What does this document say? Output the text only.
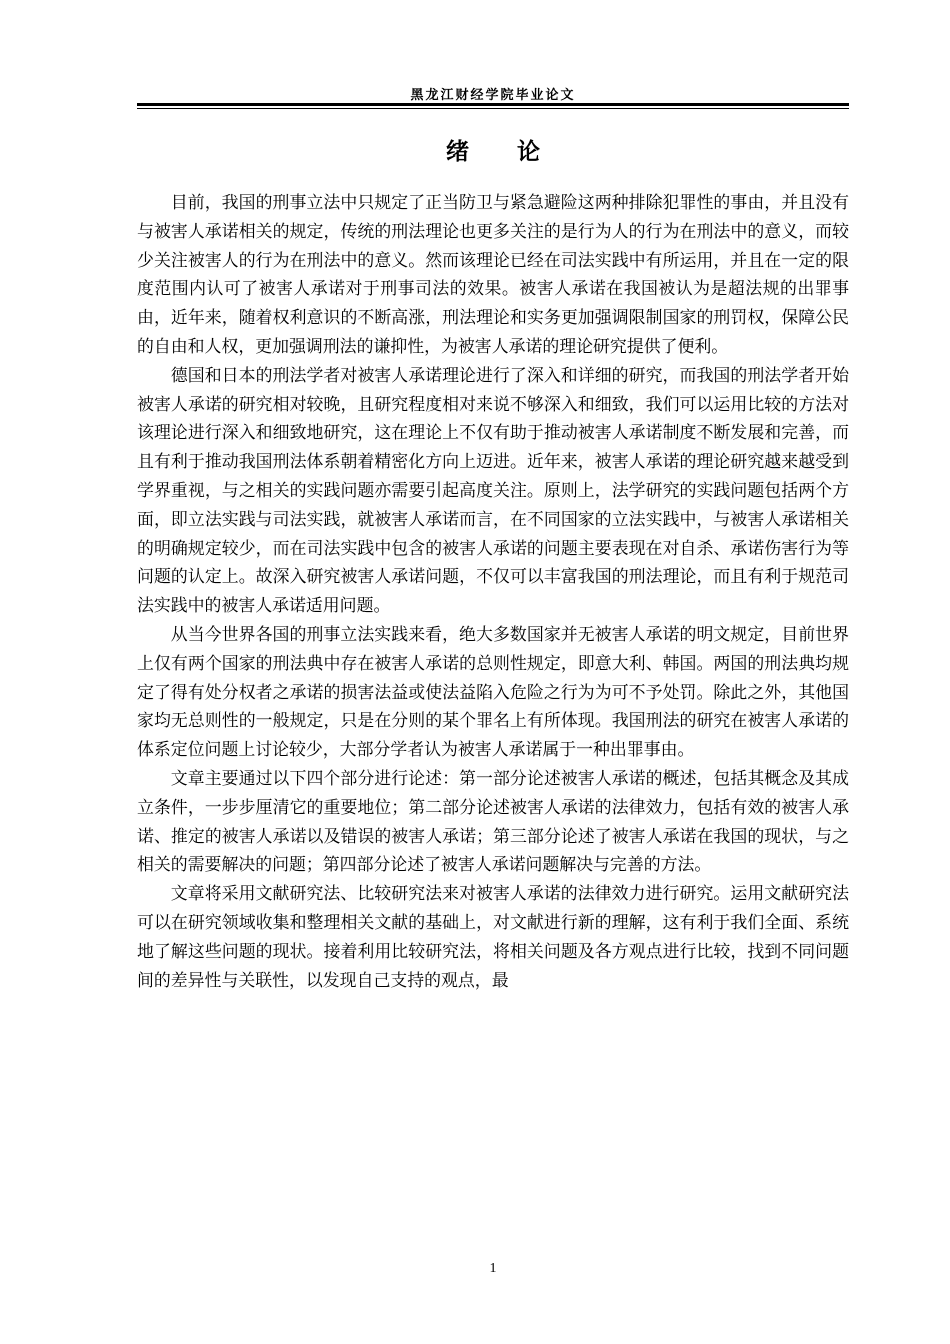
黑龙江财经学院毕业论文
绪论

目前，我国的刑事立法中只规定了正当防卫与紧急避险这两种排除犯罪性的事由，并且没有与被害人承诺相关的规定，传统的刑法理论也更多关注的是行为人的行为在刑法中的意义，而较少关注被害人的行为在刑法中的意义。然而该理论已经在司法实践中有所运用，并且在一定的限度范围内认可了被害人承诺对于刑事司法的效果。被害人承诺在我国被认为是超法规的出罪事由，近年来，随着权利意识的不断高涨，刑法理论和实务更加强调限制国家的刑罚权，保障公民的自由和人权，更加强调刑法的谦抑性，为被害人承诺的理论研究提供了便利。

德国和日本的刑法学者对被害人承诺理论进行了深入和详细的研究，而我国的刑法学者开始被害人承诺的研究相对较晚，且研究程度相对来说不够深入和细致，我们可以运用比较的方法对该理论进行深入和细致地研究，这在理论上不仅有助于推动被害人承诺制度不断发展和完善，而且有利于推动我国刑法体系朝着精密化方向上迈进。近年来，被害人承诺的理论研究越来越受到学界重视，与之相关的实践问题亦需要引起高度关注。原则上，法学研究的实践问题包括两个方面，即立法实践与司法实践，就被害人承诺而言，在不同国家的立法实践中，与被害人承诺相关的明确规定较少，而在司法实践中包含的被害人承诺的问题主要表现在对自杀、承诺伤害行为等问题的认定上。故深入研究被害人承诺问题，不仅可以丰富我国的刑法理论，而且有利于规范司法实践中的被害人承诺适用问题。

从当今世界各国的刑事立法实践来看，绝大多数国家并无被害人承诺的明文规定，目前世界上仅有两个国家的刑法典中存在被害人承诺的总则性规定，即意大利、韩国。两国的刑法典均规定了得有处分权者之承诺的损害法益或使法益陷入危险之行为为可不予处罚。除此之外，其他国家均无总则性的一般规定，只是在分则的某个罪名上有所体现。我国刑法的研究在被害人承诺的体系定位问题上讨论较少，大部分学者认为被害人承诺属于一种出罪事由。

文章主要通过以下四个部分进行论述：第一部分论述被害人承诺的概述，包括其概念及其成立条件，一步步厘清它的重要地位；第二部分论述被害人承诺的法律效力，包括有效的被害人承诺、推定的被害人承诺以及错误的被害人承诺；第三部分论述了被害人承诺在我国的现状，与之相关的需要解决的问题；第四部分论述了被害人承诺问题解决与完善的方法。

文章将采用文献研究法、比较研究法来对被害人承诺的法律效力进行研究。运用文献研究法可以在研究领域收集和整理相关文献的基础上，对文献进行新的理解，这有利于我们全面、系统地了解这些问题的现状。接着利用比较研究法，将相关问题及各方观点进行比较，找到不同问题间的差异性与关联性，以发现自己支持的观点，最

1
